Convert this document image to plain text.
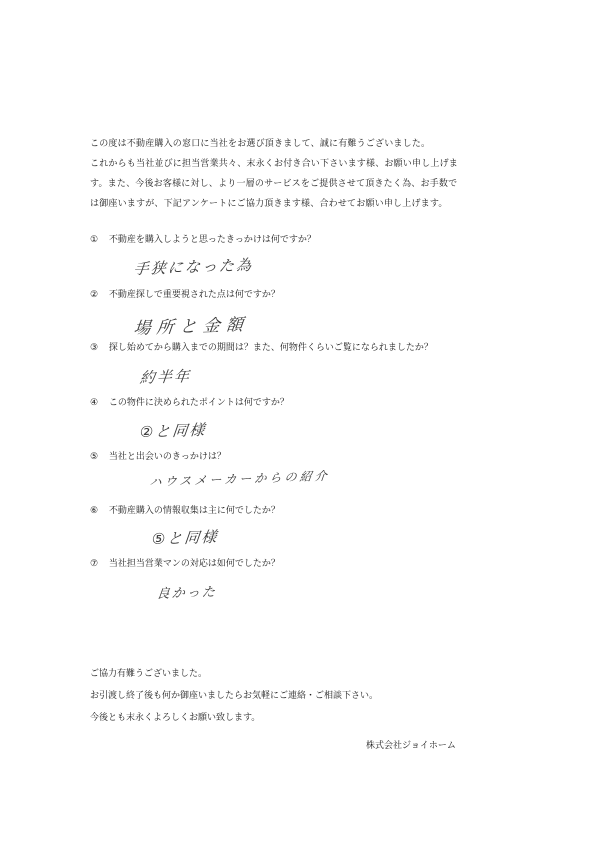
この度は不動産購入の窓口に当社をお選び頂きまして、誠に有難うございました。
これからも当社並びに担当営業共々、末永くお付き合い下さいます様、お願い申し上げま
す。また、今後お客様に対し、より一層のサービスをご提供させて頂きたく為、お手数で
は御座いますが、下記アンケートにご協力頂きます様、合わせてお願い申し上げます。
① 不動産を購入しようと思ったきっかけは何ですか？
手狭になった為
② 不動産探しで重要視された点は何ですか？
場所と金額
③ 探し始めてから購入までの期間は？また、何物件くらいご覧になられましたか？
約半年
④ この物件に決められたポイントは何ですか？
②と同様
⑤ 当社と出会いのきっかけは？
ハウスメーカーからの紹介
⑥ 不動産購入の情報収集は主に何でしたか？
⑤と同様
⑦ 当社担当営業マンの対応は如何でしたか？
良かった
ご協力有難うございました。
お引渡し終了後も何か御座いましたらお気軽にご連絡・ご相談下さい。
今後とも末永くよろしくお願い致します。
株式会社ジョイホーム
